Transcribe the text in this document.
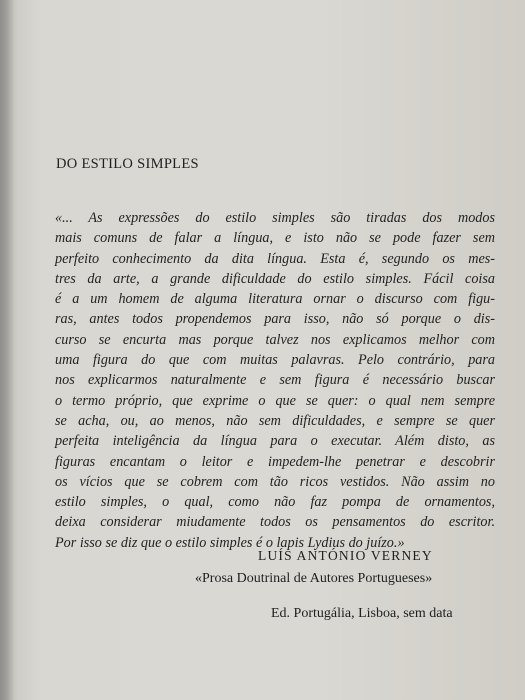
DO ESTILO SIMPLES
«... As expressões do estilo simples são tiradas dos modos
mais comuns de falar a língua, e isto não se pode fazer sem
perfeito conhecimento da dita língua. Esta é, segundo os mes-
tres da arte, a grande dificuldade do estilo simples. Fácil coisa
é a um homem de alguma literatura ornar o discurso com figu-
ras, antes todos propendemos para isso, não só porque o dis-
curso se encurta mas porque talvez nos explicamos melhor com
uma figura do que com muitas palavras. Pelo contrário, para
nos explicarmos naturalmente e sem figura é necessário buscar
o termo próprio, que exprime o que se quer: o qual nem sempre
se acha, ou, ao menos, não sem dificuldades, e sempre se quer
perfeita inteligência da língua para o executar. Além disto, as
figuras encantam o leitor e impedem-lhe penetrar e descobrir
os vícios que se cobrem com tão ricos vestidos. Não assim no
estilo simples, o qual, como não faz pompa de ornamentos,
deixa considerar miudamente todos os pensamentos do escritor.
Por isso se diz que o estilo simples é o lapis Lydius do juízo.»

LUÍS ANTÓNIO VERNEY

«Prosa Doutrinal de Autores Portugueses»

Ed. Portugália, Lisboa, sem data
